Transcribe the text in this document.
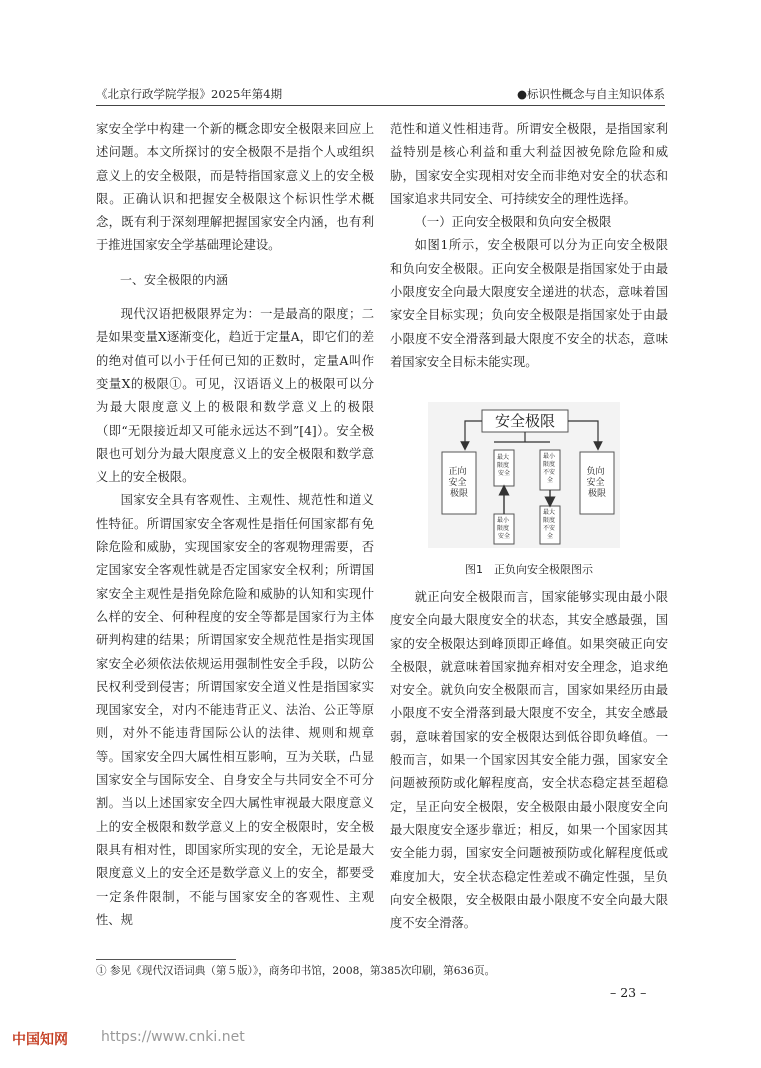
《北京行政学院学报》2025年第4期	●标识性概念与自主知识体系

家安全学中构建一个新的概念即安全极限来回应上述问题。本文所探讨的安全极限不是指个人或组织意义上的安全极限，而是特指国家意义上的安全极限。正确认识和把握安全极限这个标识性学术概念，既有利于深刻理解把握国家安全内涵，也有利于推进国家安全学基础理论建设。

一、安全极限的内涵

现代汉语把极限界定为：一是最高的限度；二是如果变量X逐渐变化，趋近于定量A，即它们的差的绝对值可以小于任何已知的正数时，定量A叫作变量X的极限①。可见，汉语语义上的极限可以分为最大限度意义上的极限和数学意义上的极限（即“无限接近却又可能永远达不到”[4]）。安全极限也可划分为最大限度意义上的安全极限和数学意义上的安全极限。

国家安全具有客观性、主观性、规范性和道义性特征。所谓国家安全客观性是指任何国家都有免除危险和威胁，实现国家安全的客观物理需要，否定国家安全客观性就是否定国家安全权利；所谓国家安全主观性是指免除危险和威胁的认知和实现什么样的安全、何种程度的安全等都是国家行为主体研判构建的结果；所谓国家安全规范性是指实现国家安全必须依法依规运用强制性安全手段，以防公民权利受到侵害；所谓国家安全道义性是指国家实现国家安全，对内不能违背正义、法治、公正等原则，对外不能违背国际公认的法律、规则和规章等。国家安全四大属性相互影响，互为关联，凸显国家安全与国际安全、自身安全与共同安全不可分割。当以上述国家安全四大属性审视最大限度意义上的安全极限和数学意义上的安全极限时，安全极限具有相对性，即国家所实现的安全，无论是最大限度意义上的安全还是数学意义上的安全，都要受一定条件限制，不能与国家安全的客观性、主观性、规

范性和道义性相违背。所谓安全极限，是指国家利益特别是核心利益和重大利益因被免除危险和威胁，国家安全实现相对安全而非绝对安全的状态和国家追求共同安全、可持续安全的理性选择。

（一）正向安全极限和负向安全极限

如图1所示，安全极限可以分为正向安全极限和负向安全极限。正向安全极限是指国家处于由最小限度安全向最大限度安全递进的状态，意味着国家安全目标实现；负向安全极限是指国家处于由最小限度不安全滑落到最大限度不安全的状态，意味着国家安全目标未能实现。

安全极限
正向 安全 极限
负向 安全 极限
最大 限度 安全
最小 限度 安全
最小 限度 不安 全
最大 限度 不安 全
图1　正负向安全极限图示

就正向安全极限而言，国家能够实现由最小限度安全向最大限度安全的状态，其安全感最强，国家的安全极限达到峰顶即正峰值。如果突破正向安全极限，就意味着国家抛弃相对安全理念，追求绝对安全。就负向安全极限而言，国家如果经历由最小限度不安全滑落到最大限度不安全，其安全感最弱，意味着国家的安全极限达到低谷即负峰值。一般而言，如果一个国家因其安全能力强，国家安全问题被预防或化解程度高，安全状态稳定甚至超稳定，呈正向安全极限，安全极限由最小限度安全向最大限度安全逐步靠近；相反，如果一个国家因其安全能力弱，国家安全问题被预防或化解程度低或难度加大，安全状态稳定性差或不确定性强，呈负向安全极限，安全极限由最小限度不安全向最大限度不安全滑落。

① 参见《现代汉语词典（第５版）》，商务印书馆，2008，第385次印刷，第636页。
– 23 –
中国知网 https://www.cnki.net
